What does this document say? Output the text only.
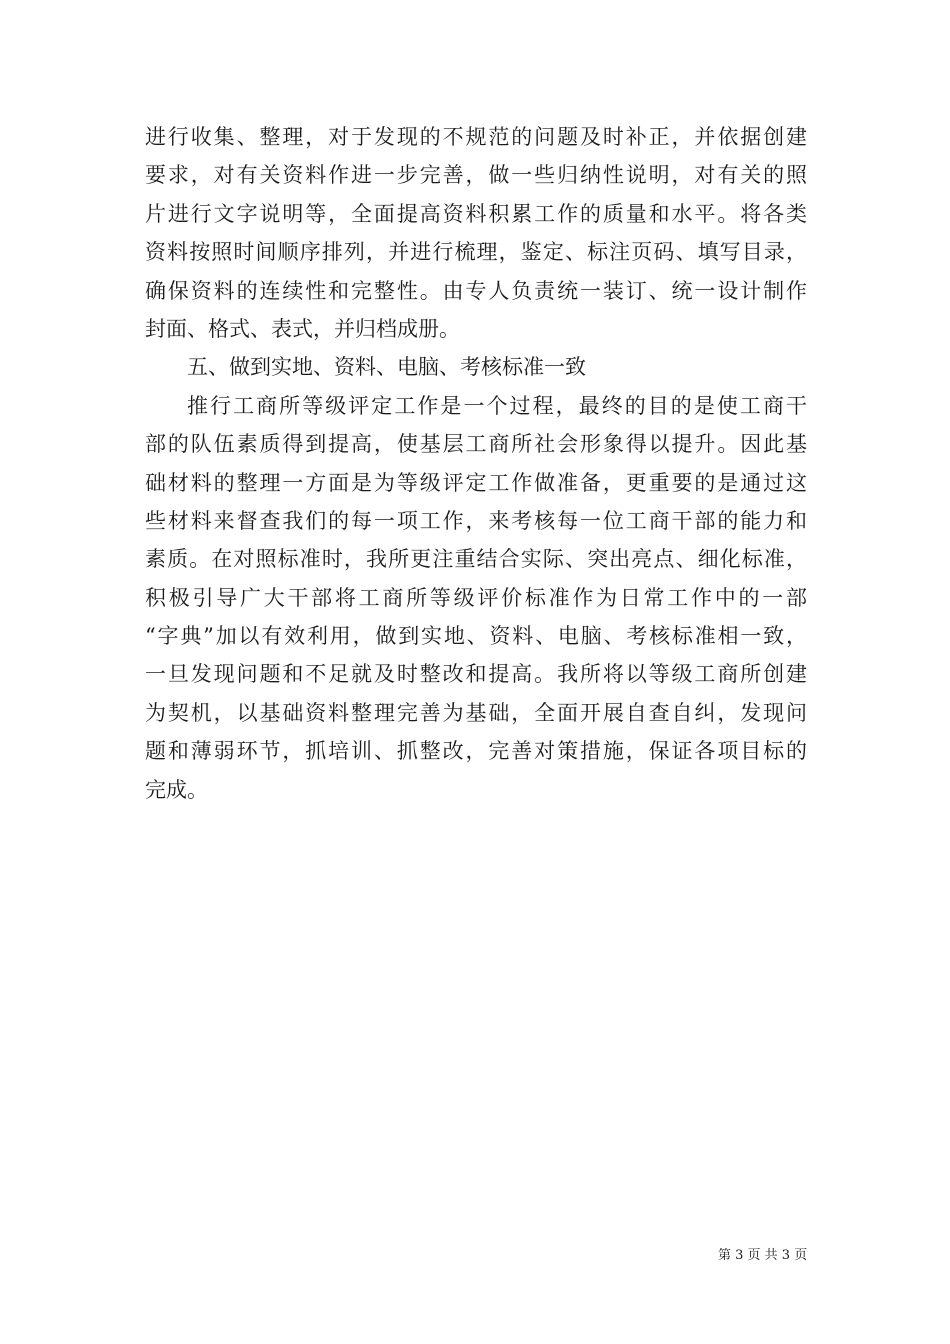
进行收集、整理，对于发现的不规范的问题及时补正，并依据创建
要求，对有关资料作进一步完善，做一些归纳性说明，对有关的照
片进行文字说明等，全面提高资料积累工作的质量和水平。将各类
资料按照时间顺序排列，并进行梳理，鉴定、标注页码、填写目录，
确保资料的连续性和完整性。由专人负责统一装订、统一设计制作
封面、格式、表式，并归档成册。
五、做到实地、资料、电脑、考核标准一致
推行工商所等级评定工作是一个过程，最终的目的是使工商干
部的队伍素质得到提高，使基层工商所社会形象得以提升。因此基
础材料的整理一方面是为等级评定工作做准备，更重要的是通过这
些材料来督查我们的每一项工作，来考核每一位工商干部的能力和
素质。在对照标准时，我所更注重结合实际、突出亮点、细化标准，
积极引导广大干部将工商所等级评价标准作为日常工作中的一部
“字典”加以有效利用，做到实地、资料、电脑、考核标准相一致，
一旦发现问题和不足就及时整改和提高。我所将以等级工商所创建
为契机，以基础资料整理完善为基础，全面开展自查自纠，发现问
题和薄弱环节，抓培训、抓整改，完善对策措施，保证各项目标的
完成。
第 3 页 共 3 页
